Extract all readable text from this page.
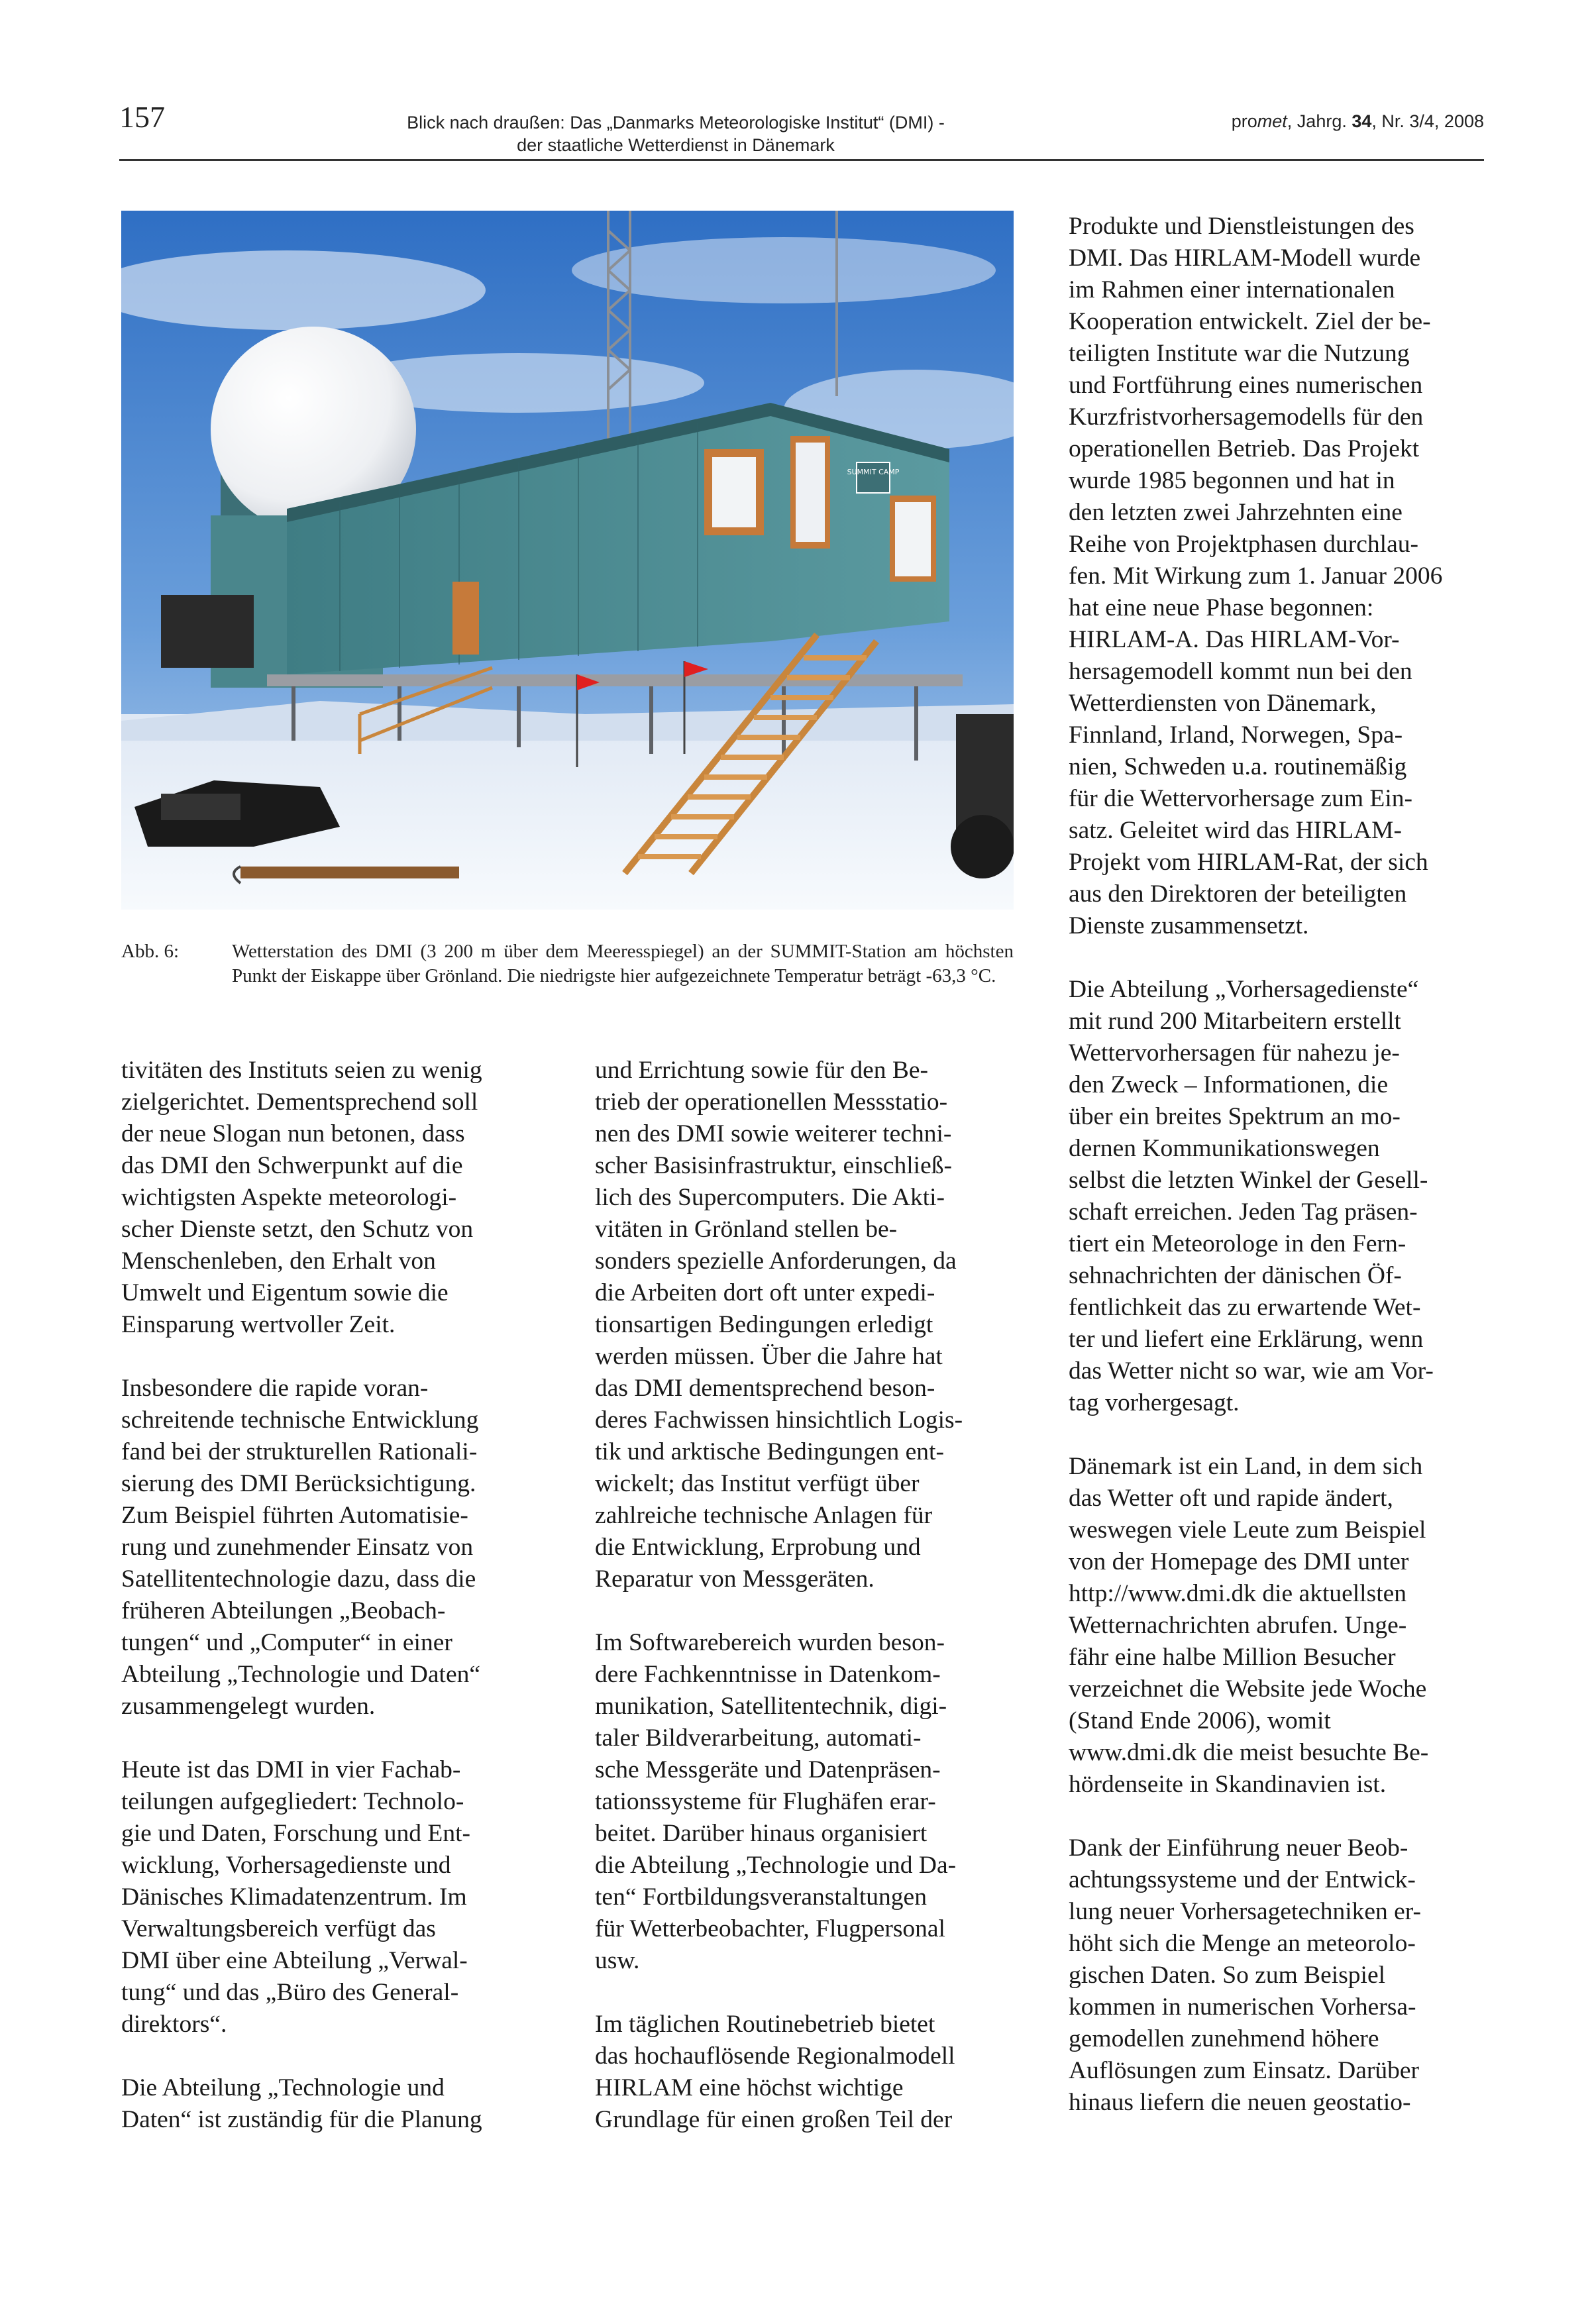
157	Blick nach draußen: Das „Danmarks Meteorologiske Institut“ (DMI) -
der staatliche Wetterdienst in Dänemark
promet, Jahrg. 34, Nr. 3/4, 2008
SUMMIT CAMP
Abb. 6:	Wetterstation des DMI (3 200 m über dem Meeresspiegel) an der SUMMIT-Station am höchsten Punkt der Eiskappe über Grönland. Die niedrigste hier aufgezeichnete Temperatur beträgt -63,3 °C.

tivitäten des Instituts seien zu wenig
zielgerichtet. Dementsprechend soll
der neue Slogan nun betonen, dass
das DMI den Schwerpunkt auf die
wichtigsten Aspekte meteorologi-
scher Dienste setzt, den Schutz von
Menschenleben, den Erhalt von
Umwelt und Eigentum sowie die
Einsparung wertvoller Zeit.

Insbesondere die rapide voran-
schreitende technische Entwicklung
fand bei der strukturellen Rationali-
sierung des DMI Berücksichtigung.
Zum Beispiel führten Automatisie-
rung und zunehmender Einsatz von
Satellitentechnologie dazu, dass die
früheren Abteilungen „Beobach-
tungen“ und „Computer“ in einer
Abteilung „Technologie und Daten“
zusammengelegt wurden.

Heute ist das DMI in vier Fachab-
teilungen aufgegliedert: Technolo-
gie und Daten, Forschung und Ent-
wicklung, Vorhersagedienste und
Dänisches Klimadatenzentrum. Im
Verwaltungsbereich verfügt das
DMI über eine Abteilung „Verwal-
tung“ und das „Büro des General-
direktors“.

Die Abteilung „Technologie und
Daten“ ist zuständig für die Planung

und Errichtung sowie für den Be-
trieb der operationellen Messstatio-
nen des DMI sowie weiterer techni-
scher Basisinfrastruktur, einschließ-
lich des Supercomputers. Die Akti-
vitäten in Grönland stellen be-
sonders spezielle Anforderungen, da
die Arbeiten dort oft unter expedi-
tionsartigen Bedingungen erledigt
werden müssen. Über die Jahre hat
das DMI dementsprechend beson-
deres Fachwissen hinsichtlich Logis-
tik und arktische Bedingungen ent-
wickelt; das Institut verfügt über
zahlreiche technische Anlagen für
die Entwicklung, Erprobung und
Reparatur von Messgeräten.

Im Softwarebereich wurden beson-
dere Fachkenntnisse in Datenkom-
munikation, Satellitentechnik, digi-
taler Bildverarbeitung, automati-
sche Messgeräte und Datenpräsen-
tationssysteme für Flughäfen erar-
beitet. Darüber hinaus organisiert
die Abteilung „Technologie und Da-
ten“ Fortbildungsveranstaltungen
für Wetterbeobachter, Flugpersonal
usw.

Im täglichen Routinebetrieb bietet
das hochauflösende Regionalmodell
HIRLAM eine höchst wichtige
Grundlage für einen großen Teil der

Produkte und Dienstleistungen des
DMI. Das HIRLAM-Modell wurde
im Rahmen einer internationalen
Kooperation entwickelt. Ziel der be-
teiligten Institute war die Nutzung
und Fortführung eines numerischen
Kurzfristvorhersagemodells für den
operationellen Betrieb. Das Projekt
wurde 1985 begonnen und hat in
den letzten zwei Jahrzehnten eine
Reihe von Projektphasen durchlau-
fen. Mit Wirkung zum 1. Januar 2006
hat eine neue Phase begonnen:
HIRLAM-A. Das HIRLAM-Vor-
hersagemodell kommt nun bei den
Wetterdiensten von Dänemark,
Finnland, Irland, Norwegen, Spa-
nien, Schweden u.a. routinemäßig
für die Wettervorhersage zum Ein-
satz. Geleitet wird das HIRLAM-
Projekt vom HIRLAM-Rat, der sich
aus den Direktoren der beteiligten
Dienste zusammensetzt.

Die Abteilung „Vorhersagedienste“
mit rund 200 Mitarbeitern erstellt
Wettervorhersagen für nahezu je-
den Zweck – Informationen, die
über ein breites Spektrum an mo-
dernen Kommunikationswegen
selbst die letzten Winkel der Gesell-
schaft erreichen. Jeden Tag präsen-
tiert ein Meteorologe in den Fern-
sehnachrichten der dänischen Öf-
fentlichkeit das zu erwartende Wet-
ter und liefert eine Erklärung, wenn
das Wetter nicht so war, wie am Vor-
tag vorhergesagt.

Dänemark ist ein Land, in dem sich
das Wetter oft und rapide ändert,
weswegen viele Leute zum Beispiel
von der Homepage des DMI unter
http://www.dmi.dk die aktuellsten
Wetternachrichten abrufen. Unge-
fähr eine halbe Million Besucher
verzeichnet die Website jede Woche
(Stand Ende 2006), womit
www.dmi.dk die meist besuchte Be-
hördenseite in Skandinavien ist.

Dank der Einführung neuer Beob-
achtungssysteme und der Entwick-
lung neuer Vorhersagetechniken er-
höht sich die Menge an meteorolo-
gischen Daten. So zum Beispiel
kommen in numerischen Vorhersa-
gemodellen zunehmend höhere
Auflösungen zum Einsatz. Darüber
hinaus liefern die neuen geostatio-
